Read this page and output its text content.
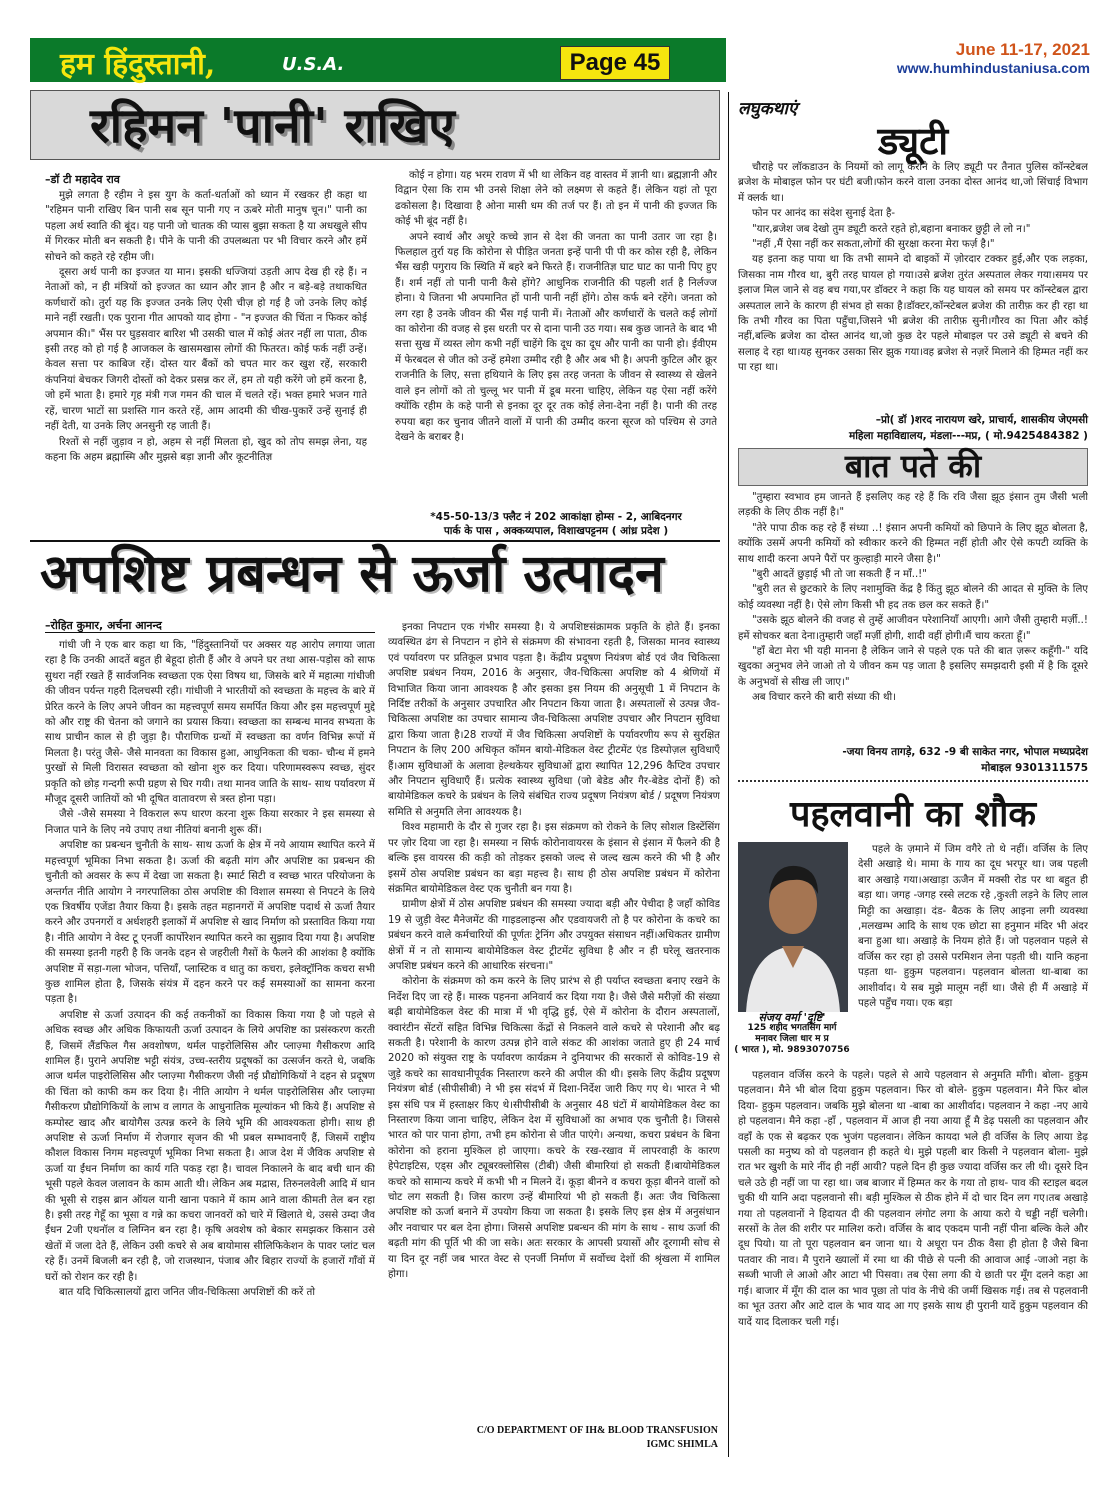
हम हिंदुस्तानी,	U.S.A.	Page 45	June 11-17, 2021
www.humhindustaniusa.com
रहिमन 'पानी' राखिए
–डॉ टी महादेव राव

मुझे लगता है रहीम ने इस युग के कर्ता-धर्ताओं को ध्यान में रखकर ही कहा था "रहिमन पानी राखिए बिन पानी सब सून पानी गए न ऊबरे मोती मानुष चून।" पानी का पहला अर्थ स्वाति की बूंद। यह पानी जो चातक की प्यास बुझा सकता है या अधखुले सीप में गिरकर मोती बन सकती है। पीने के पानी की उपलब्धता पर भी विचार करने और हमें सोचने को कहते रहे रहीम जी।

दूसरा अर्थ पानी का इज्जत या मान। इसकी धज्जियां उड़ती आप देख ही रहे हैं। न नेताओं को, न ही मंत्रियों को इज्जत का ध्यान और ज्ञान है और न बड़े-बड़े तथाकथित कर्णधारों को। तुर्रा यह कि इज्जत उनके लिए ऐसी चीज़ हो गई है जो उनके लिए कोई माने नहीं रखती। एक पुराना गीत आपको याद होगा - "न इज्जत की चिंता न फिकर कोई अपमान की।" भैंस पर घुड़सवार बारिश भी उसकी चाल में कोई अंतर नहीं ला पाता, ठीक इसी तरह को हो गई है आजकल के खासमखास लोगों की फितरत। कोई फर्क नहीं उन्हें। केवल सत्ता पर काबिज रहें। दोस्त यार बैंकों को चपत मार कर खुश रहें, सरकारी कंपनियां बेचकर जिगरी दोस्तों को देकर प्रसन्न कर लें, हम तो यही करेंगे जो हमें करना है, जो हमें भाता है। हमारे गृह मंत्री गज गमन की चाल में चलते रहें। भक्त हमारे भजन गाते रहें, चारण भाटों सा प्रशस्ति गान करते रहें, आम आदमी की चीख-पुकारें उन्हें सुनाई ही नहीं देती, या उनके लिए अनसुनी रह जाती हैं।

रिश्तों से नहीं जुड़ाव न हो, अहम से नहीं मिलता हो, खुद को तोप समझ लेना, यह कहना कि अहम ब्रह्मास्मि और मुझसे बड़ा ज्ञानी और कूटनीतिज्ञ

कोई न होगा। यह भरम रावण में भी था लेकिन वह वास्तव में ज्ञानी था। ब्रह्मज्ञानी और विद्वान ऐसा कि राम भी उनसे शिक्षा लेने को लक्ष्मण से कहते हैं। लेकिन यहां तो पूरा ढकोसला है। दिखावा है ओना मासी धम की तर्ज पर हैं। तो इन में पानी की इज्जत कि कोई भी बूंद नहीं है।

अपने स्वार्थ और अधूरे कच्चे ज्ञान से देश की जनता का पानी उतार जा रहा है। फिलहाल तुर्रा यह कि कोरोना से पीड़ित जनता इन्हें पानी पी पी कर कोस रही है, लेकिन भैंस खड़ी पगुराय कि स्थिति में बहरे बने फिरते हैं। राजनीतिज्ञ घाट घाट का पानी पिए हुए हैं। शर्म नहीं तो पानी पानी कैसे होंगे? आधुनिक राजनीति की पहली शर्त है निर्लज्ज होना। ये जितना भी अपमानित हों पानी पानी नहीं होंगे। ठोस कर्फ बने रहेंगे। जनता को लग रहा है उनके जीवन की भैंस गई पानी में। नेताओं और कर्णधारों के चलते कई लोगों का कोरोना की वजह से इस धरती पर से दाना पानी उठ गया। सब कुछ जानते के बाद भी सत्ता सुख में व्यस्त लोग कभी नहीं चाहेंगे कि दूध का दूध और पानी का पानी हो। ईवीएम में फेरबदल से जीत को उन्हें हमेशा उम्मीद रही है और अब भी है। अपनी कुटिल और क्रूर राजनीति के लिए, सत्ता हथियाने के लिए इस तरह जनता के जीवन से स्वास्थ्य से खेलने वाले इन लोगों को तो चुल्लू भर पानी में डूब मरना चाहिए, लेकिन यह ऐसा नहीं करेंगे क्योंकि रहीम के कहे पानी से इनका दूर दूर तक कोई लेना-देना नहीं है। पानी की तरह रुपया बहा कर चुनाव जीतने वालों में पानी की उम्मीद करना सूरज को पश्चिम से उगते देखने के बराबर है।

*45-50-13/3 फ्लैट नं 202 आकांक्षा होम्स - 2, आबिदनगर
पार्क के पास , अक्कय्यपाल, विशाखपट्टनम ( आंध्र प्रदेश )
अपशिष्ट प्रबन्धन से ऊर्जा उत्पादन
–रोहित कुमार, अर्चना आनन्द

गांधी जी ने एक बार कहा था कि, "हिंदुस्तानियों पर अक्सर यह आरोप लगाया जाता रहा है कि उनकी आदतें बहुत ही बेहूदा होती हैं और वे अपने घर तथा आस-पड़ोस को साफ सुथरा नहीं रखते हैं सार्वजनिक स्वच्छता एक ऐसा विषय था, जिसके बारे में महात्मा गांधीजी की जीवन पर्यन्त गहरी दिलचस्पी रही। गांधीजी ने भारतीयों को स्वच्छता के महत्त्व के बारे में प्रेरित करने के लिए अपने जीवन का महत्त्वपूर्ण समय समर्पित किया और इस महत्त्वपूर्ण मुद्दे को और राष्ट्र की चेतना को जगाने का प्रयास किया। स्वच्छता का सम्बन्ध मानव सभ्यता के साथ प्राचीन काल से ही जुड़ा है। पौराणिक ग्रन्थों में स्वच्छता का वर्णन विभिन्न रूपों में मिलता है। परंतु जैसे- जैसे मानवता का विकास हुआ, आधुनिकता की चका- चौन्ध में हमने पुरखों से मिली विरासत स्वच्छता को खोना शुरु कर दिया। परिणामस्वरूप स्वच्छ, सुंदर प्रकृति को छोड़ गन्दगी रूपी ग्रहण से घिर गयी। तथा मानव जाति के साथ- साथ पर्यावरण में मौजूद दूसरी जातियों को भी दूषित वातावरण से त्रस्त होना पड़ा।

जैसे -जैसे समस्या ने विकराल रूप धारण करना शुरू किया सरकार ने इस समस्या से निजात पाने के लिए नये उपाए तथा नीतियां बनानी शुरू कीं।

अपशिष्ट का प्रबन्धन चुनौती के साथ- साथ ऊर्जा के क्षेत्र में नये आयाम स्थापित करने में महत्त्वपूर्ण भूमिका निभा सकता है। ऊर्जा की बढ़ती मांग और अपशिष्ट का प्रबन्धन की चुनौती को अवसर के रूप में देखा जा सकता है। स्मार्ट सिटी व स्वच्छ भारत परियोजना के अन्तर्गत नीति आयोग ने नगरपालिका ठोस अपशिष्ट की विशाल समस्या से निपटने के लिये एक त्रिवर्षीय एजेंडा तैयार किया है। इसके तहत महानगरों में अपशिष्ट पदार्थ से ऊर्जा तैयार करने और उपनगरों व अर्धशहरी इलाकों में अपशिष्ट से खाद निर्माण को प्रस्तावित किया गया है। नीति आयोग ने वेस्ट टू एनर्जी कार्पोरेशन स्थापित करने का सुझाव दिया गया है। अपशिष्ट की समस्या इतनी गहरी है कि जनके दहन से जहरीली गैसों के फैलने की आशंका है क्योंकि अपशिष्ट में सड़ा-गला भोजन, पत्तियाँ, प्लास्टिक व धातु का कचरा, इलेक्ट्रॉनिक कचरा सभी कुछ शामिल होता है, जिसके संयंत्र में दहन करने पर कई समस्याओं का सामना करना पड़ता है।

अपशिष्ट से ऊर्जा उत्पादन की कई तकनीकों का विकास किया गया है जो पहले से अधिक स्वच्छ और अधिक किफायती ऊर्जा उत्पादन के लिये अपशिष्ट का प्रसंस्करण करती हैं, जिसमें लैंडफिल गैस अवशोषण, थर्मल पाइरोलिसिस और प्लाज़्मा गैसीकरण आदि शामिल हैं। पुराने अपशिष्ट भट्टी संयंत्र, उच्च-स्तरीय प्रदूषकों का उत्सर्जन करते थे, जबकि आज थर्मल पाइरोलिसिस और प्लाज़्मा गैसीकरण जैसी नई प्रौद्योगिकियों ने दहन से प्रदूषण की चिंता को काफी कम कर दिया है। नीति आयोग ने थर्मल पाइरोलिसिस और प्लाज़्मा गैसीकरण प्रौद्योगिकियों के लाभ व लागत के आधुनातिक मूल्यांकन भी किये हैं। अपशिष्ट से कम्पोस्ट खाद और बायोगैस उत्पन्न करने के लिये भूमि की आवश्यकता होगी। साथ ही अपशिष्ट से ऊर्जा निर्माण में रोजगार सृजन की भी प्रबल सम्भावनाएँ हैं, जिसमें राष्ट्रीय कौशल विकास निगम महत्त्वपूर्ण भूमिका निभा सकता है। आज देश में जैविक अपशिष्ट से ऊर्जा या ईंधन निर्माण का कार्य गति पकड़ रहा है। चावल निकालने के बाद बची धान की भूसी पहले केवल जलावन के काम आती थी। लेकिन अब मद्रास, तिरुनलवेली आदि में धान की भूसी से राइस ब्रान ऑयल यानी खाना पकाने में काम आने वाला कीमती तेल बन रहा है। इसी तरह गेहूँ का भूसा व गन्ने का कचरा जानवरों को चारे में खिलाते थे, उससे उम्दा जैव ईंधन 2जी एथनॉल व लिग्निन बन रहा है। कृषि अवशेष को बेकार समझकर किसान उसे खेतों में जला देते हैं, लेकिन उसी कचरे से अब बायोमास सीलिफिकेशन के पावर प्लांट चल रहे हैं। उनमें बिजली बन रही है, जो राजस्थान, पंजाब और बिहार राज्यों के हजारों गाँवों में घरों को रोशन कर रही है।

बात यदि चिकित्सालयों द्वारा जनित जीव-चिकित्सा अपशिष्टों की करें तो

इनका निपटान एक गंभीर समस्या है। ये अपशिष्टसंक्रामक प्रकृति के होते हैं। इनका व्यवस्थित ढंग से निपटान न होने से संक्रमण की संभावना रहती है, जिसका मानव स्वास्थ्य एवं पर्यावरण पर प्रतिकूल प्रभाव पड़ता है। केंद्रीय प्रदूषण नियंत्रण बोर्ड एवं जैव चिकित्सा अपशिष्ट प्रबंधन नियम, 2016 के अनुसार, जैव-चिकित्सा अपशिष्ट को 4 श्रेणियों में विभाजित किया जाना आवश्यक है और इसका इस नियम की अनुसूची 1 में निपटान के निर्दिष्ट तरीकों के अनुसार उपचारित और निपटान किया जाता है। अस्पतालों से उत्पन्न जैव-चिकित्सा अपशिष्ट का उपचार सामान्य जैव-चिकित्सा अपशिष्ट उपचार और निपटान सुविधा द्वारा किया जाता है।28 राज्यों में जैव चिकित्सा अपशिष्टों के पर्यावरणीय रूप से सुरक्षित निपटान के लिए 200 अधिकृत कॉमन बायो-मेडिकल वेस्ट ट्रीटमेंट एंड डिस्पोज़ल सुविधाएँ हैं।आम सुविधाओं के अलावा हेल्थकेयर सुविधाओं द्वारा स्थापित 12,296 कैप्टिव उपचार और निपटान सुविधाएँ हैं। प्रत्येक स्वास्थ्य सुविधा (जो बेडेड और गैर-बेडेड दोनों हैं) को बायोमेडिकल कचरे के प्रबंधन के लिये संबंधित राज्य प्रदूषण नियंत्रण बोर्ड / प्रदूषण नियंत्रण समिति से अनुमति लेना आवश्यक है।

विश्व महामारी के दौर से गुजर रहा है। इस संक्रमण को रोकने के लिए सोशल डिस्टेंसिंग पर ज़ोर दिया जा रहा है। समस्या न सिर्फ कोरोनावायरस के इंसान से इंसान में फैलने की है बल्कि इस वायरस की कड़ी को तोड़कर इसको जल्द से जल्द खत्म करने की भी है और इसमें ठोस अपशिष्ट प्रबंधन का बड़ा महत्त्व है। साथ ही ठोस अपशिष्ट प्रबंधन में कोरोना संक्रमित बायोमेडिकल वेस्ट एक चुनौती बन गया है।

ग्रामीण क्षेत्रों में ठोस अपशिष्ट प्रबंधन की समस्या ज्यादा बड़ी और पेचीदा है जहाँ कोविड 19 से जुड़ी वेस्ट मैनेजमेंट की गाइडलाइन्स और एडवायजरी तो है पर कोरोना के कचरे का प्रबंधन करने वाले कर्मचारियों की पूर्णतः ट्रेनिंग और उपयुक्त संसाधन नहीं।अधिकतर ग्रामीण क्षेत्रों में न तो सामान्य बायोमेडिकल वेस्ट ट्रीटमेंट सुविधा है और न ही घरेलू खतरनाक अपशिष्ट प्रबंधन करने की आधारिक संरचना।"

कोरोना के संक्रमण को कम करने के लिए प्रारंभ से ही पर्याप्त स्वच्छता बनाए रखने के निर्देश दिए जा रहे हैं। मास्क पहनना अनिवार्य कर दिया गया है। जैसे जैसे मरीज़ों की संख्या बढ़ी बायोमेडिकल वेस्ट की मात्रा में भी वृद्धि हुई, ऐसे में कोरोना के दौरान अस्पतालों, क्वारंटीन सेंटरों सहित विभिन्न चिकित्सा केंद्रों से निकलने वाले कचरे से परेशानी और बढ़ सकती है। परेशानी के कारण उत्पन्न होने वाले संकट की आशंका जताते हुए ही 24 मार्च 2020 को संयुक्त राष्ट्र के पर्यावरण कार्यक्रम ने दुनियाभर की सरकारों से कोविड-19 से जुड़े कचरे का सावधानीपूर्वक निस्तारण करने की अपील की थी। इसके लिए केंद्रीय प्रदूषण नियंत्रण बोर्ड (सीपीसीबी) ने भी इस संदर्भ में दिशा-निर्देश जारी किए गए थे। भारत ने भी इस संधि पत्र में हस्ताक्षर किए थे।सीपीसीबी के अनुसार 48 घंटों में बायोमेडिकल वेस्ट का निस्तारण किया जाना चाहिए, लेकिन देश में सुविधाओं का अभाव एक चुनौती है। जिससे भारत को पार पाना होगा, तभी हम कोरोना से जीत पाएंगे। अन्यथा, कचरा प्रबंधन के बिना कोरोना को हराना मुश्किल हो जाएगा। कचरे के रख-रखाव में लापरवाही के कारण हेपेटाइटिस, एड्स और ट्यूबरक्लोसिस (टीबी) जैसी बीमारियां हो सकती हैं।बायोमेडिकल कचरे को सामान्य कचरे में कभी भी न मिलने दें। कूड़ा बीनने व कचरा कूड़ा बीनने वालों को चोट लग सकती है। जिस कारण उन्हें बीमारियां भी हो सकती हैं। अतः जैव चिकित्सा अपशिष्ट को ऊर्जा बनाने में उपयोग किया जा सकता है। इसके लिए इस क्षेत्र में अनुसंधान और नवाचार पर बल देना होगा। जिससे अपशिष्ट प्रबन्धन की मांग के साथ - साथ ऊर्जा की बढ़ती मांग की पूर्ति भी की जा सके। अतः सरकार के आपसी प्रयासों और दूरगामी सोच से या दिन दूर नहीं जब भारत वेस्ट से एनर्जी निर्माण में सर्वोच्च देशों की श्रृंखला में शामिल होगा।

C/O DEPARTMENT OF IH& BLOOD TRANSFUSION
IGMC SHIMLA
लघुकथाएं
ड्यूटी

चौराहे पर लॉकडाउन के नियमों को लागू कराने के लिए ड्यूटी पर तैनात पुलिस कॉन्स्टेबल ब्रजेश के मोबाइल फोन पर घंटी बजी।फोन करने वाला उनका दोस्त आनंद था,जो सिंचाई विभाग में क्लर्क था।

फोन पर आनंद का संदेश सुनाई देता है-

"यार,ब्रजेश जब देखो तुम ड्यूटी करते रहते हो,बहाना बनाकर छुट्टी ले लो न।"

"नहीं ,मैं ऐसा नहीं कर सकता,लोगों की सुरक्षा करना मेरा फर्ज़ है।"

यह इतना कह पाया था कि तभी सामने दो बाइकों में ज़ोरदार टक्कर हुई,और एक लड़का, जिसका नाम गौरव था, बुरी तरह घायल हो गया।उसे ब्रजेश तुरंत अस्पताल लेकर गया।समय पर इलाज मिल जाने से वह बच गया,पर डॉक्टर ने कहा कि यह घायल को समय पर कॉन्स्टेबल द्वारा अस्पताल लाने के कारण ही संभव हो सका है।डॉक्टर,कॉन्स्टेबल ब्रजेश की तारीफ़ कर ही रहा था कि तभी गौरव का पिता पहुँचा,जिसने भी ब्रजेश की तारीफ़ सुनी।गौरव का पिता और कोई नहीं,बल्कि ब्रजेश का दोस्त आनंद था,जो कुछ देर पहले मोबाइल पर उसे ड्यूटी से बचने की सलाह दे रहा था।यह सुनकर उसका सिर झुक गया।वह ब्रजेश से नज़रें मिलाने की हिम्मत नहीं कर पा रहा था।

–प्रो( डॉ )शरद नारायण खरे, प्राचार्य, शासकीय जेएमसी
महिला महाविद्यालय, मंडला---मप्र, ( मो.9425484382 )
बात पते की

"तुम्हारा स्वभाव हम जानते हैं इसलिए कह रहे हैं कि रवि जैसा झूठ इंसान तुम जैसी भली लड़की के लिए ठीक नहीं है।"

"तेरे पापा ठीक कह रहे हैं संध्या ..! इंसान अपनी कमियों को छिपाने के लिए झूठ बोलता है, क्योंकि उसमें अपनी कमियों को स्वीकार करने की हिम्मत नहीं होती और ऐसे कपटी व्यक्ति के साथ शादी करना अपने पैरों पर कुल्हाड़ी मारने जैसा है।"

"बुरी आदतें छुड़ाई भी तो जा सकती हैं न माँ..!"

"बुरी लत से छुटकारे के लिए नशामुक्ति केंद्र है किंतु झूठ बोलने की आदत से मुक्ति के लिए कोई व्यवस्था नहीं है। ऐसे लोग किसी भी हद तक छल कर सकते हैं।"

"उसके झूठ बोलने की वजह से तुम्हें आजीवन परेशानियाँ आएगी। आगे जैसी तुम्हारी मर्ज़ी..! हमें सोचकर बता देना।तुम्हारी जहाँ मर्ज़ी होगी, शादी वहीं होगी।मैं चाय करता हूँ।"

"हाँ बेटा मेरा भी यही मानना है लेकिन जाने से पहले एक पते की बात ज़रूर कहूँगी-" यदि खुदका अनुभव लेने जाओ तो ये जीवन कम पड़ जाता है इसलिए समझदारी इसी में है कि दूसरे के अनुभवों से सीख ली जाए।"

अब विचार करने की बारी संध्या की थी।

-जया विनय तागड़े, 632 -9 बी साकेत नगर, भोपाल मध्यप्रदेश
मोबाइल 9301311575
पहलवानी का शौक
संजय वर्मा 'दृष्टि'
125 शहीद भगतसिंग मार्ग
मनावर जिला धार म प्र
( भारत ), मो. 9893070756

पहले के ज़माने में जिम वगैरे तो थे नहीं। वर्जिस के लिए देसी अखाड़े थे। मामा के गाय का दूध भरपूर था। जब पहली बार अखाड़े गया।अखाड़ा ऊजैन में मक्सी रोड पर था बहुत ही बड़ा था। जगह -जगह रस्से लटक रहे ,कुश्ती लड़ने के लिए लाल मिट्टी का अखाड़ा। दंड- बैठक के लिए आइना लगी व्यवस्था ,मलखम्भ आदि के साथ एक छोटा सा हनुमान मंदिर भी अंदर बना हुआ था। अखाड़े के नियम होते हैं। जो पहलवान पहले से वर्जिस कर रहा हो उससे परमिशन लेना पड़ती थी। यानि कहना पड़ता था- हुकुम पहलवान। पहलवान बोलता था-बाबा का आशीर्वाद। ये सब मुझे मालूम नहीं था। जैसे ही मैं अखाड़े में पहले पहुँच गया। एक बड़ा

पहलवान वर्जिस करने के पहले। पहले से आये पहलवान से अनुमति माँगी। बोला- हुकुम पहलवान। मैने भी बोल दिया हुकुम पहलवान। फिर वो बोले- हुकुम पहलवान। मैने फिर बोल दिया- हुकुम पहलवान। जबकि मुझे बोलना था -बाबा का आशीर्वाद। पहलवान ने कहा -नए आये हो पहलवान। मैने कहा -हाँ , पहलवान में आज ही नया आया हूँ मै डेढ़ पसली का पहलवान और वहाँ के एक से बढ़कर एक भुजंग पहलवान। लेकिन कायदा भले ही वर्जिस के लिए आया डेढ़ पसली का मनुष्य को वो पहलवान ही कहते थे। मुझे पहली बार किसी ने पहलवान बोला- मुझे रात भर खुशी के मारे नींद ही नहीं आयी? पहले दिन ही कुछ ज्यादा वर्जिस कर ली थी। दूसरे दिन चले उठे ही नहीं जा पा रहा था। जब बाजार में हिम्मत कर के गया तो हाथ- पाव की स्टाइल बदल चुकी थी यानि अदा पहलवानो सी। बड़ी मुश्किल से ठीक होने में दो चार दिन लग गए।तब अखाड़े गया तो पहलवानों ने हिदायत दी की पहलवान लंगोट लगा के आया करो ये चड्डी नहीं चलेगी। सरसों के तेल की शरीर पर मालिश करो। वर्जिस के बाद एकदम पानी नहीं पीना बल्कि केले और दूध पियो। या तो पूरा पहलवान बन जाना था। ये अधूरा पन ठीक वैसा ही होता है जैसे बिना पतवार की नाव। मै पुराने ख्यालों में रमा था की पीछे से पत्नी की आवाज आई -जाओ नहा के सब्जी भाजी ले आओ और आटा भी पिसवा। तब ऐसा लगा की ये छाती पर मूँग दलने कहा आ गई। बाजार में मूँग की दाल का भाव पूछा तो पांव के नीचे की जमीं खिसक गई। तब से पहलवानी का भूत उतरा और आटे दाल के भाव याद आ गए इसके साथ ही पुरानी यादें हुकुम पहलवान की यादें याद दिलाकर चली गई।
